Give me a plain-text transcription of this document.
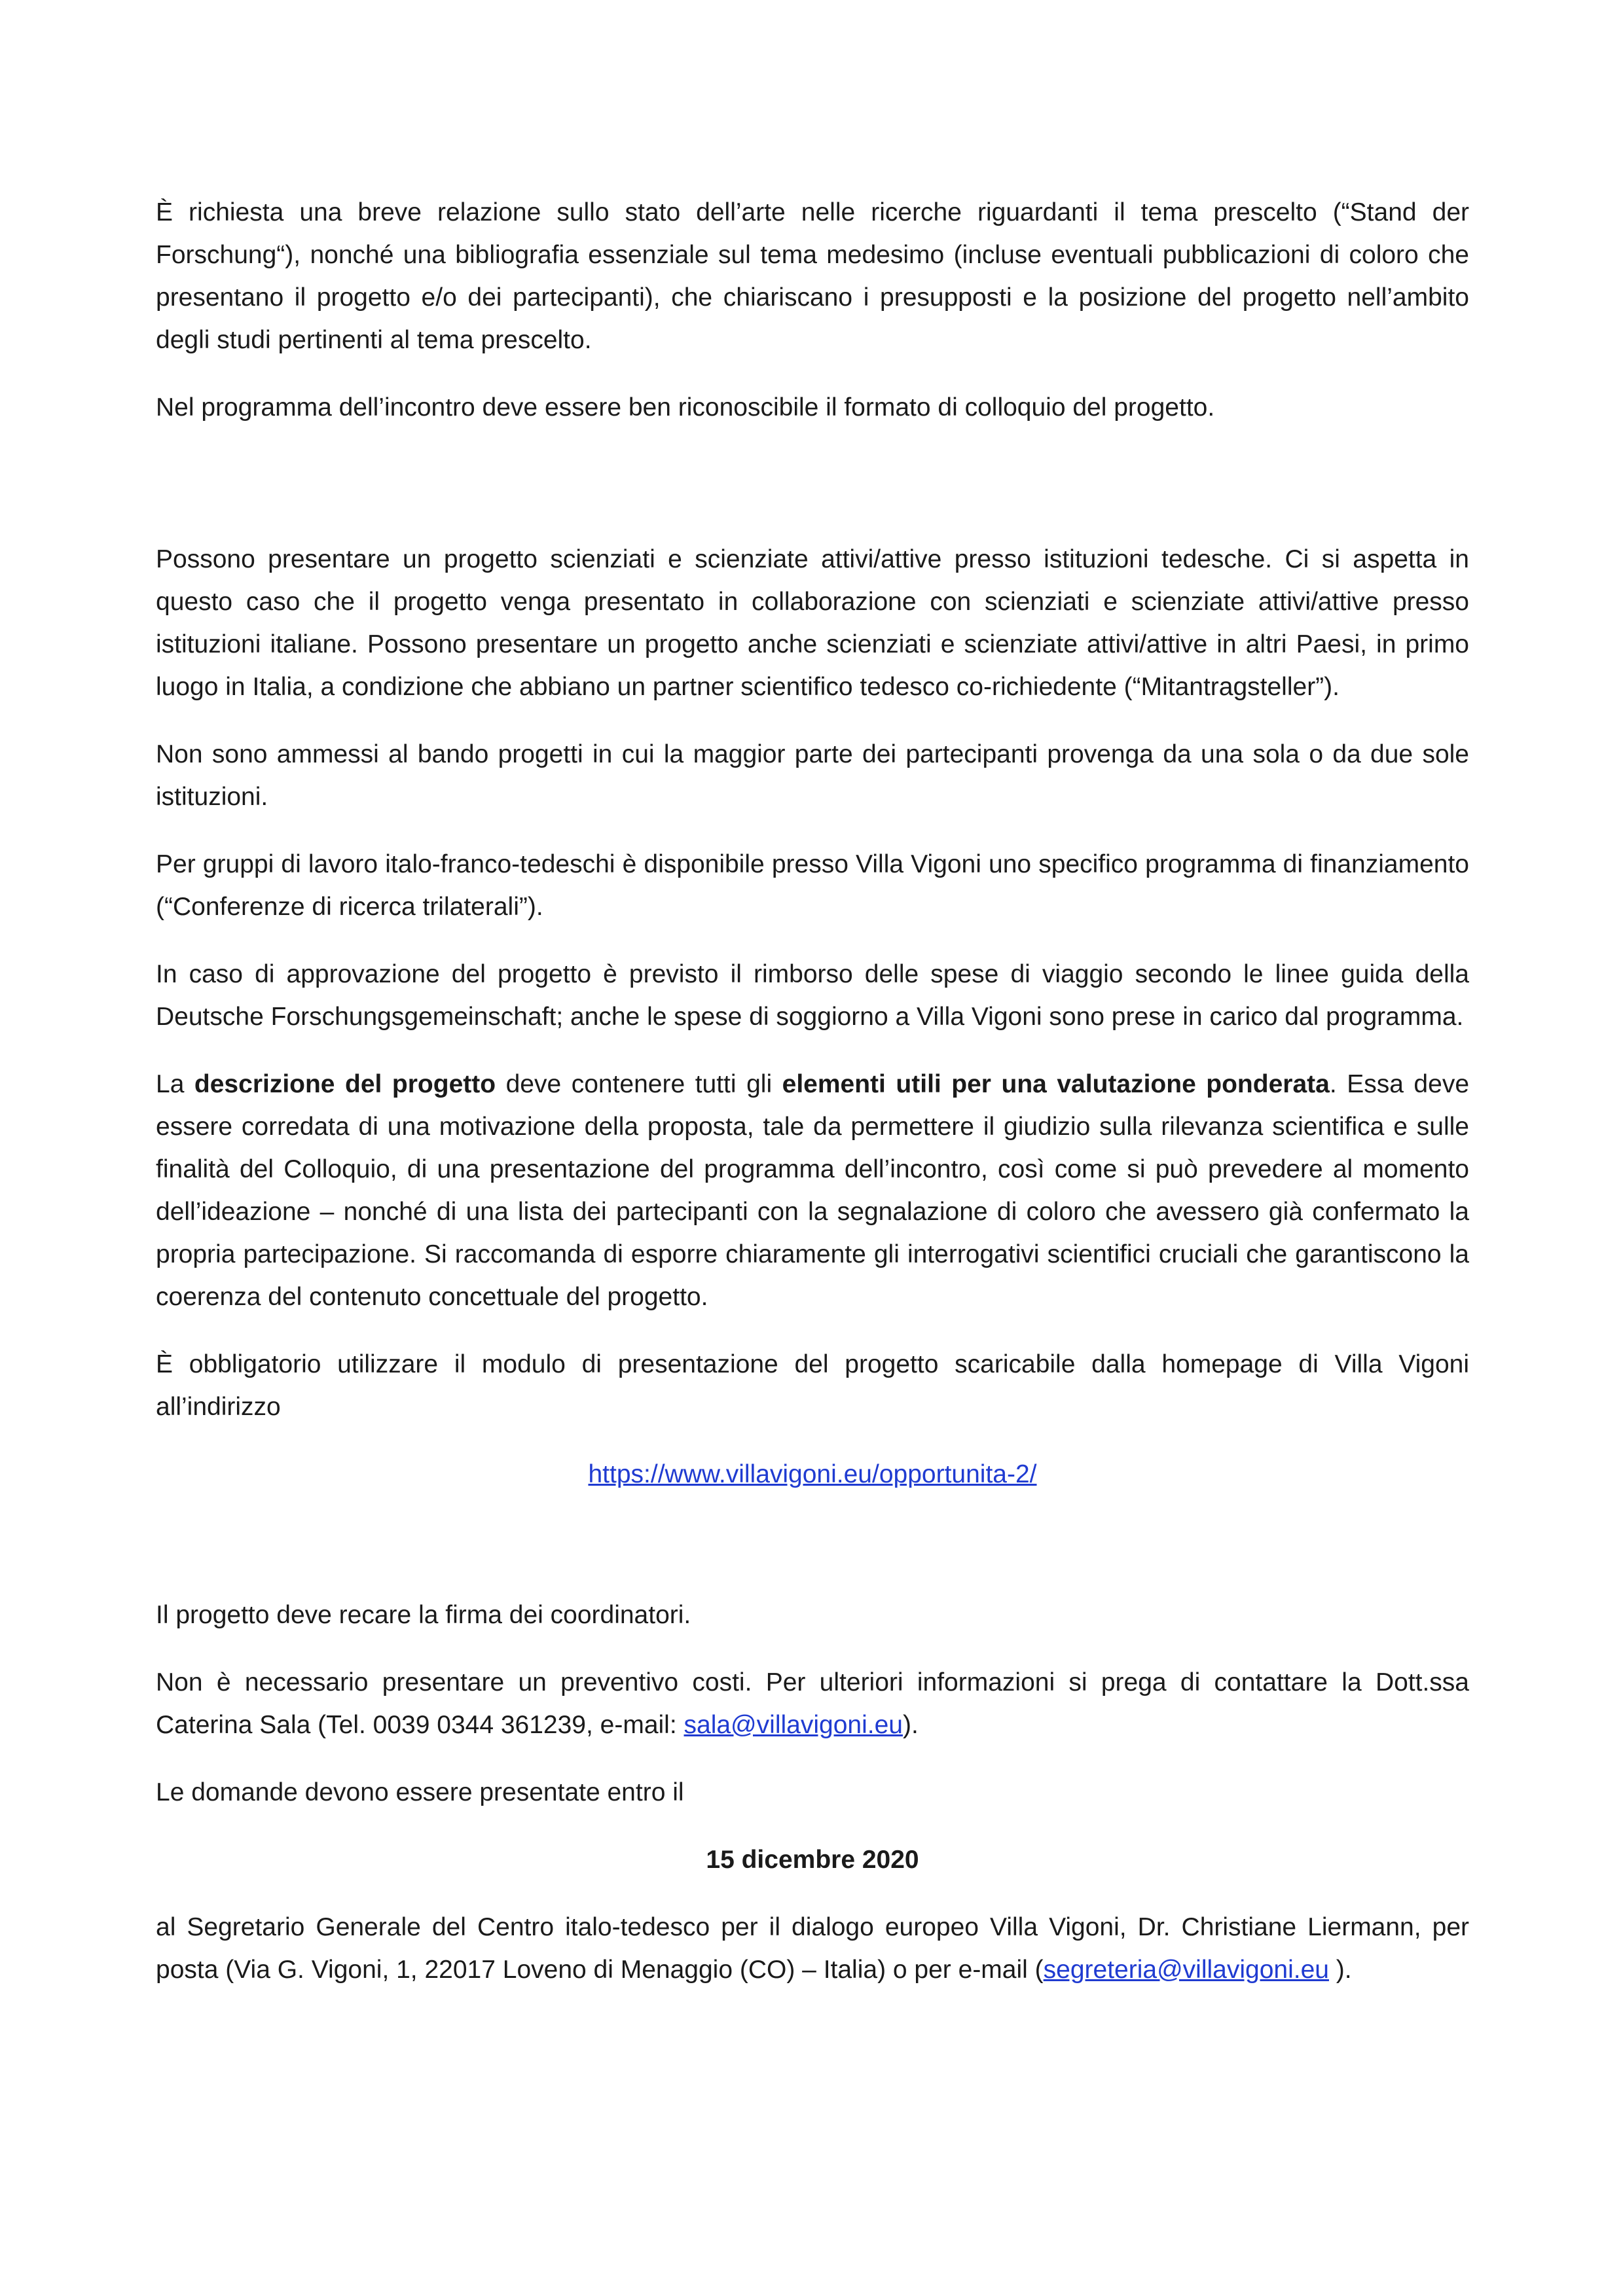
È richiesta una breve relazione sullo stato dell’arte nelle ricerche riguardanti il tema prescelto (“Stand der Forschung“), nonché una bibliografia essenziale sul tema medesimo (incluse eventuali pubblicazioni di coloro che presentano il progetto e/o dei partecipanti), che chiariscano i presupposti e la posizione del progetto nell’ambito degli studi pertinenti al tema prescelto.

Nel programma dell’incontro deve essere ben riconoscibile il formato di colloquio del progetto.

Possono presentare un progetto scienziati e scienziate attivi/attive presso istituzioni tedesche. Ci si aspetta in questo caso che il progetto venga presentato in collaborazione con scienziati e scienziate attivi/attive presso istituzioni italiane. Possono presentare un progetto anche scienziati e scienziate attivi/attive in altri Paesi, in primo luogo in Italia, a condizione che abbiano un partner scientifico tedesco co-richiedente (“Mitantragsteller”).

Non sono ammessi al bando progetti in cui la maggior parte dei partecipanti provenga da una sola o da due sole istituzioni.

Per gruppi di lavoro italo-franco-tedeschi è disponibile presso Villa Vigoni uno specifico programma di finanziamento (“Conferenze di ricerca trilaterali”).

In caso di approvazione del progetto è previsto il rimborso delle spese di viaggio secondo le linee guida della Deutsche Forschungsgemeinschaft; anche le spese di soggiorno a Villa Vigoni sono prese in carico dal programma.

La descrizione del progetto deve contenere tutti gli elementi utili per una valutazione ponderata. Essa deve essere corredata di una motivazione della proposta, tale da permettere il giudizio sulla rilevanza scientifica e sulle finalità del Colloquio, di una presentazione del programma dell’incontro, così come si può prevedere al momento dell’ideazione – nonché di una lista dei partecipanti con la segnalazione di coloro che avessero già confermato la propria partecipazione. Si raccomanda di esporre chiaramente gli interrogativi scientifici cruciali che garantiscono la coerenza del contenuto concettuale del progetto.

È obbligatorio utilizzare il modulo di presentazione del progetto scaricabile dalla homepage di Villa Vigoni all’indirizzo

https://www.villavigoni.eu/opportunita-2/

Il progetto deve recare la firma dei coordinatori.

Non è necessario presentare un preventivo costi. Per ulteriori informazioni si prega di contattare la Dott.ssa Caterina Sala (Tel. 0039 0344 361239, e-mail: sala@villavigoni.eu).

Le domande devono essere presentate entro il

15 dicembre 2020

al Segretario Generale del Centro italo-tedesco per il dialogo europeo Villa Vigoni, Dr. Christiane Liermann, per posta (Via G. Vigoni, 1, 22017 Loveno di Menaggio (CO) – Italia) o per e-mail (segreteria@villavigoni.eu ).
